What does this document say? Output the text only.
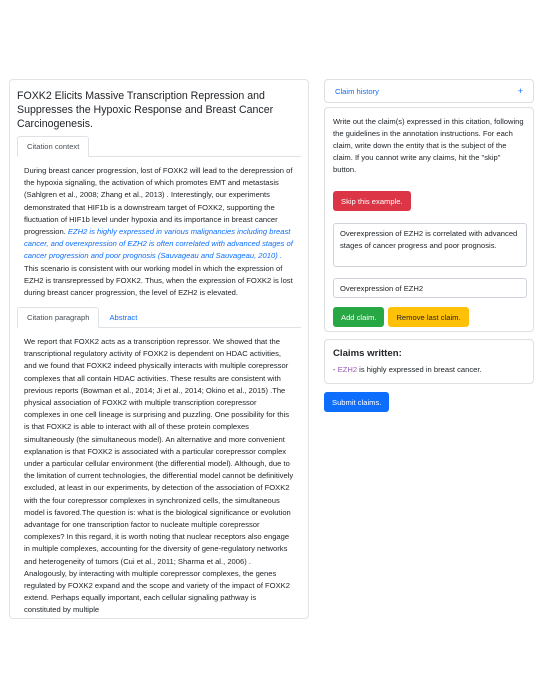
FOXK2 Elicits Massive Transcription Repression and Suppresses the Hypoxic Response and Breast Cancer Carcinogenesis.
Citation context
During breast cancer progression, lost of FOXK2 will lead to the derepression of the hypoxia signaling, the activation of which promotes EMT and metastasis (Sahlgren et al., 2008; Zhang et al., 2013) . Interestingly, our experiments demonstrated that HIF1b is a downstream target of FOXK2, supporting the fluctuation of HIF1b level under hypoxia and its importance in breast cancer progression. EZH2 is highly expressed in various malignancies including breast cancer, and overexpression of EZH2 is often correlated with advanced stages of cancer progression and poor prognosis (Sauvageau and Sauvageau, 2010) . This scenario is consistent with our working model in which the expression of EZH2 is transrepressed by FOXK2. Thus, when the expression of FOXK2 is lost during breast cancer progression, the level of EZH2 is elevated.
Citation paragraph	Abstract
We report that FOXK2 acts as a transcription repressor. We showed that the transcriptional regulatory activity of FOXK2 is dependent on HDAC activities, and we found that FOXK2 indeed physically interacts with multiple corepressor complexes that all contain HDAC activities. These results are consistent with previous reports (Bowman et al., 2014; Ji et al., 2014; Okino et al., 2015) .The physical association of FOXK2 with multiple transcription corepressor complexes in one cell lineage is surprising and puzzling. One possibility for this is that FOXK2 is able to interact with all of these protein complexes simultaneously (the simultaneous model). An alternative and more convenient explanation is that FOXK2 is associated with a particular corepressor complex under a particular cellular environment (the differential model). Although, due to the limitation of current technologies, the differential model cannot be definitively excluded, at least in our experiments, by detection of the association of FOXK2 with the four corepressor complexes in synchronized cells, the simultaneous model is favored.The question is: what is the biological significance or evolution advantage for one transcription factor to nucleate multiple corepressor complexes? In this regard, it is worth noting that nuclear receptors also engage in multiple complexes, accounting for the diversity of gene-regulatory networks and heterogeneity of tumors (Cui et al., 2011; Sharma et al., 2006) . Analogously, by interacting with multiple corepressor complexes, the genes regulated by FOXK2 expand and the scope and variety of the impact of FOXK2 extend. Perhaps equally important, each cellular signaling pathway is constituted by multiple
Claim history	+

Write out the claim(s) expressed in this citation, following the guidelines in the annotation instructions. For each claim, write down the entity that is the subject of the claim. If you cannot write any claims, hit the "skip" button.

Skip this example.
Overexpression of EZH2 is correlated with advanced stages of cancer progress and poor prognosis.
Overexpression of EZH2
Add claim.	Remove last claim.
Claims written:
- EZH2 is highly expressed in breast cancer.
Submit claims.
